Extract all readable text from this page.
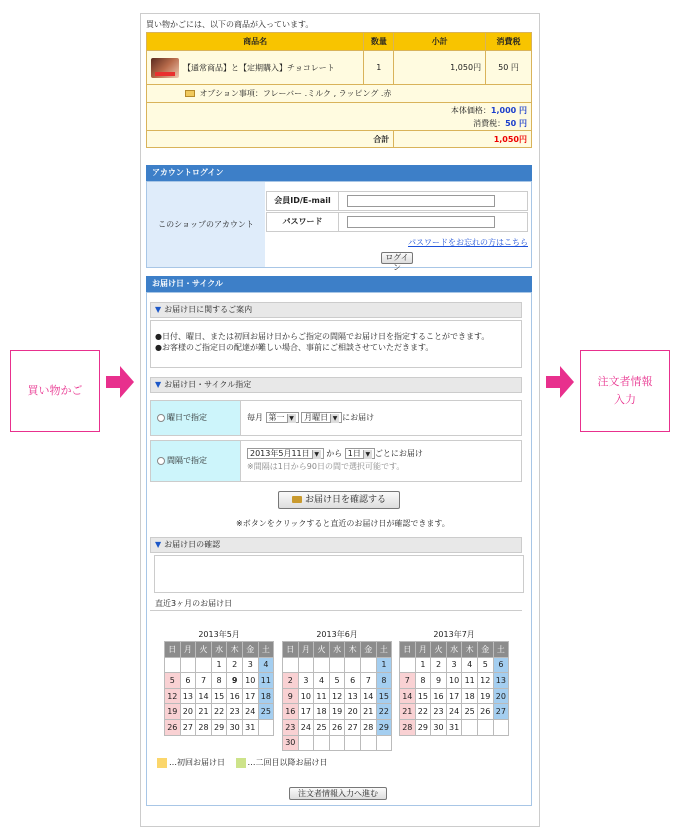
買い物かご
注文者情報
入力
買い物かごには、以下の商品が入っています。
商品名	数量	小計	消費税
【通常商品】と【定期購入】チョコレート	1	1,050円	50 円
オプション事項：フレーバー .ミルク , ラッピング .赤			
本体価格：1,000 円
消費税：50 円			
合計		1,050円	
アカウントログイン
このショップのアカウント
会員ID/E-mail
パスワード
パスワードをお忘れの方はこちら
ログイン
お届け日・サイクル
▼ お届け日に関するご案内
●日付、曜日、または初回お届け日からご指定の間隔でお届け日を指定することができます。
●お客様のご指定日の配達が難しい場合、事前にご相談させていただきます。
▼ お届け日・サイクル指定
曜日で指定	毎月 第一 ▼ 月曜日 ▼ にお届け
間隔で指定
2013年5月11日 ▼ から 1日 ▼ ごとにお届け
※間隔は1日から90日の間で選択可能です。
お届け日を確認する
※ボタンをクリックすると直近のお届け日が確認できます。
▼ お届け日の確認
直近3ヶ月のお届け日
2013年5月
日	月	火	水	木	金	土
			1	2	3	4
5	6	7	8	9	10	11
12	13	14	15	16	17	18
19	20	21	22	23	24	25
26	27	28	29	30	31	
2013年6月
日	月	火	水	木	金	土
						1
2	3	4	5	6	7	8
9	10	11	12	13	14	15
16	17	18	19	20	21	22
23	24	25	26	27	28	29
30						
2013年7月
日	月	火	水	木	金	土
	1	2	3	4	5	6
7	8	9	10	11	12	13
14	15	16	17	18	19	20
21	22	23	24	25	26	27
28	29	30	31			
…初回お届け日	…二回目以降お届け日
注文者情報入力へ進む
